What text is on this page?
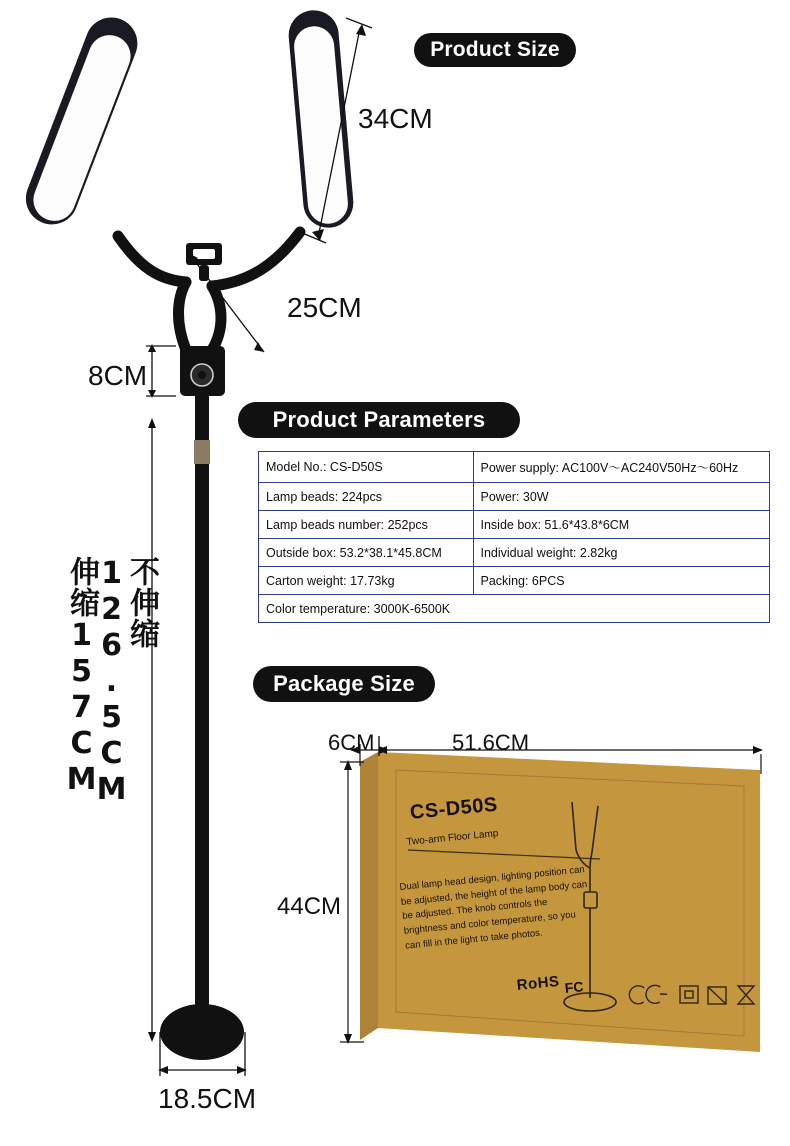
Product Size
Product Parameters
Package Size
34CM
25CM
8CM
18.5CM
不伸缩126.5CM 伸缩157CM
Model No.: CS-D50S	Power supply: AC100V〜AC240V50Hz〜60Hz
Lamp beads: 224pcs	Power: 30W
Lamp beads number: 252pcs	Inside box: 51.6*43.8*6CM
Outside box: 53.2*38.1*45.8CM	Individual weight: 2.82kg
Carton weight: 17.73kg	Packing: 6PCS
Color temperature: 3000K-6500K	
CS-D50S
Two-arm Floor Lamp
Dual lamp head design, lighting position can be adjusted, the height of the lamp body can be adjusted. The knob controls the brightness and color temperature, so you can fill in the light to take photos.
RoHS FC
6CM	51.6CM
44CM
